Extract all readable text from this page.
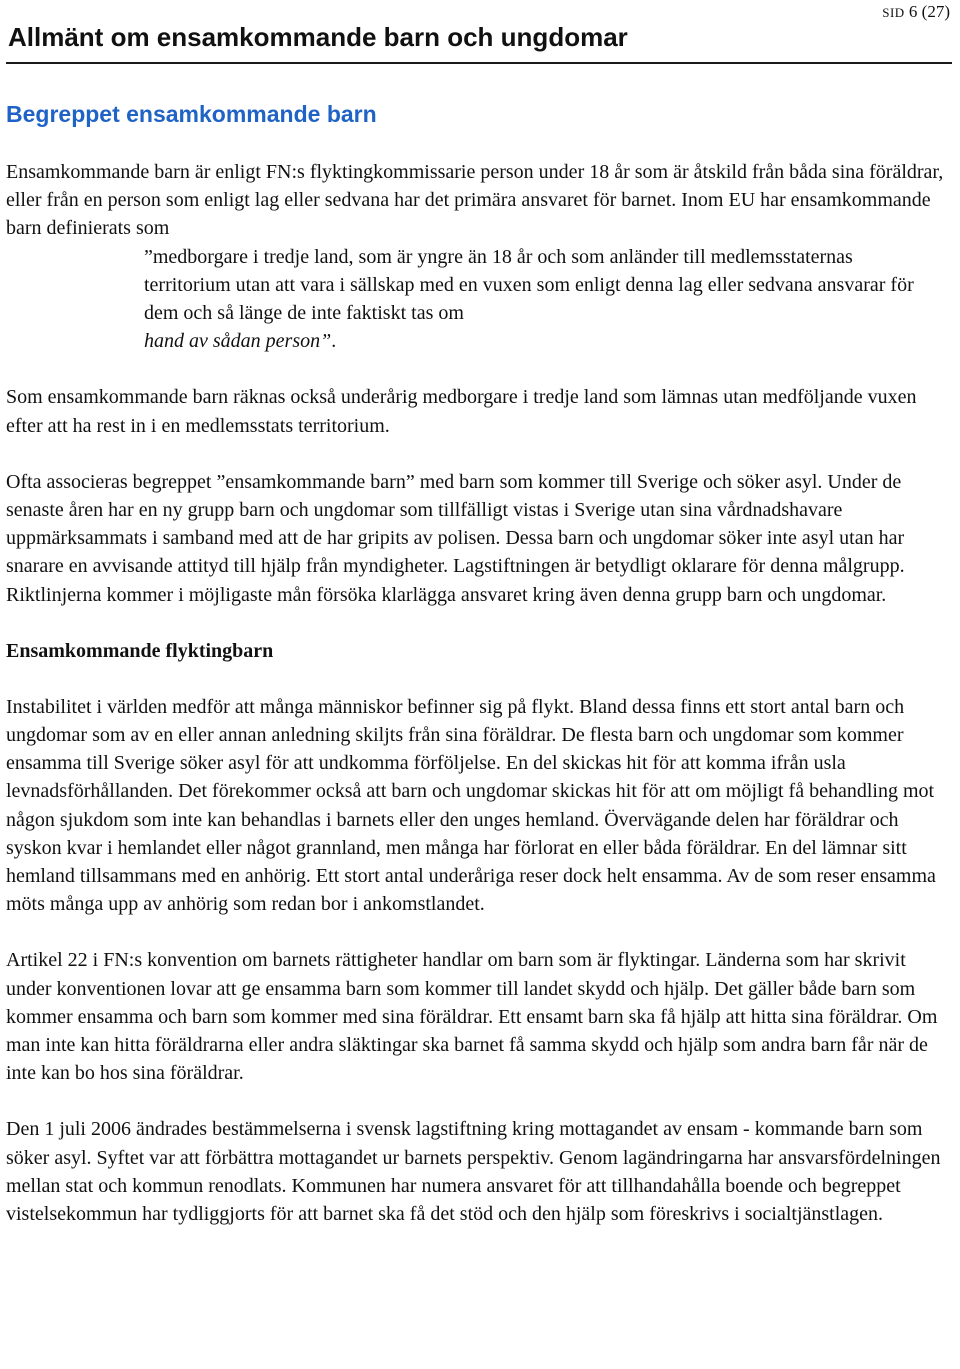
Allmänt om ensamkommande barn och ungdomar
SID 6 (27)
Begreppet ensamkommande barn

Ensamkommande barn är enligt FN:s flyktingkommissarie person under 18 år som är åtskild från båda sina föräldrar, eller från en person som enligt lag eller sedvana har det primära ansvaret för barnet. Inom EU har ensamkommande barn definierats som
”medborgare i tredje land, som är yngre än 18 år och som anländer till medlemsstaternas territorium utan att vara i sällskap med en vuxen som enligt denna lag eller sedvana ansvarar för dem och så länge de inte faktiskt tas om
hand av sådan person”.

Som ensamkommande barn räknas också underårig medborgare i tredje land som lämnas utan medföljande vuxen efter att ha rest in i en medlemsstats territorium.

Ofta associeras begreppet ”ensamkommande barn” med barn som kommer till Sverige och söker asyl. Under de senaste åren har en ny grupp barn och ungdomar som tillfälligt vistas i Sverige utan sina vårdnadshavare uppmärksammats i samband med att de har gripits av polisen. Dessa barn och ungdomar söker inte asyl utan har snarare en avvisande attityd till hjälp från myndigheter. Lagstiftningen är betydligt oklarare för denna målgrupp. Riktlinjerna kommer i möjligaste mån försöka klarlägga ansvaret kring även denna grupp barn och ungdomar.

Ensamkommande flyktingbarn

Instabilitet i världen medför att många människor befinner sig på flykt. Bland dessa finns ett stort antal barn och ungdomar som av en eller annan anledning skiljts från sina föräldrar. De flesta barn och ungdomar som kommer ensamma till Sverige söker asyl för att undkomma förföljelse. En del skickas hit för att komma ifrån usla levnadsförhållanden. Det förekommer också att barn och ungdomar skickas hit för att om möjligt få behandling mot någon sjukdom som inte kan behandlas i barnets eller den unges hemland. Övervägande delen har föräldrar och syskon kvar i hemlandet eller något grannland, men många har förlorat en eller båda föräldrar. En del lämnar sitt hemland tillsammans med en anhörig. Ett stort antal underåriga reser dock helt ensamma. Av de som reser ensamma möts många upp av anhörig som redan bor i ankomstlandet.

Artikel 22 i FN:s konvention om barnets rättigheter handlar om barn som är flyktingar. Länderna som har skrivit under konventionen lovar att ge ensamma barn som kommer till landet skydd och hjälp. Det gäller både barn som kommer ensamma och barn som kommer med sina föräldrar. Ett ensamt barn ska få hjälp att hitta sina föräldrar. Om man inte kan hitta föräldrarna eller andra släktingar ska barnet få samma skydd och hjälp som andra barn får när de inte kan bo hos sina föräldrar.

Den 1 juli 2006 ändrades bestämmelserna i svensk lagstiftning kring mottagandet av ensam - kommande barn som söker asyl. Syftet var att förbättra mottagandet ur barnets perspektiv. Genom lagändringarna har ansvarsfördelningen mellan stat och kommun renodlats. Kommunen har numera ansvaret för att tillhandahålla boende och begreppet vistelsekommun har tydliggjorts för att barnet ska få det stöd och den hjälp som föreskrivs i socialtjänstlagen.
